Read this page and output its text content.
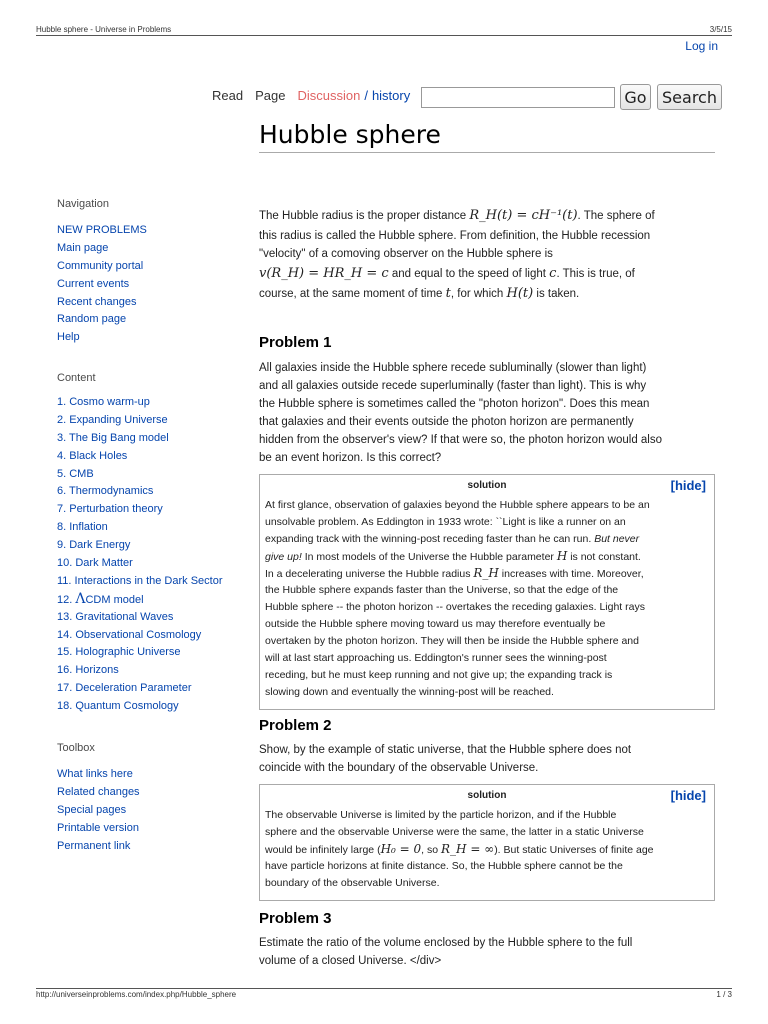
Hubble sphere - Universe in Problems	3/5/15
Log in
Read Page Discussion / history	Go Search
Hubble sphere
Navigation
NEW PROBLEMS
Main page
Community portal
Current events
Recent changes
Random page
Help
Content
1. Cosmo warm-up
2. Expanding Universe
3. The Big Bang model
4. Black Holes
5. CMB
6. Thermodynamics
7. Perturbation theory
8. Inflation
9. Dark Energy
10. Dark Matter
11. Interactions in the Dark Sector
12. ΛCDM model
13. Gravitational Waves
14. Observational Cosmology
15. Holographic Universe
16. Horizons
17. Deceleration Parameter
18. Quantum Cosmology
Toolbox
What links here
Related changes
Special pages
Printable version
Permanent link
The Hubble radius is the proper distance R_H(t) = cH⁻¹(t). The sphere of
this radius is called the Hubble sphere. From definition, the Hubble recession
"velocity" of a comoving observer on the Hubble sphere is
v(R_H) = HR_H = c and equal to the speed of light c. This is true, of
course, at the same moment of time t, for which H(t) is taken.
Problem 1
All galaxies inside the Hubble sphere recede subluminally (slower than light)
and all galaxies outside recede superluminally (faster than light). This is why
the Hubble sphere is sometimes called the "photon horizon". Does this mean
that galaxies and their events outside the photon horizon are permanently
hidden from the observer's view? If that were so, the photon horizon would also
be an event horizon. Is this correct?
solution	[hide]
At first glance, observation of galaxies beyond the Hubble sphere appears to be an
unsolvable problem. As Eddington in 1933 wrote: ``Light is like a runner on an
expanding track with the winning-post receding faster than he can run. But never
give up! In most models of the Universe the Hubble parameter H is not constant.
In a decelerating universe the Hubble radius R_H increases with time. Moreover,
the Hubble sphere expands faster than the Universe, so that the edge of the
Hubble sphere -- the photon horizon -- overtakes the receding galaxies. Light rays
outside the Hubble sphere moving toward us may therefore eventually be
overtaken by the photon horizon. They will then be inside the Hubble sphere and
will at last start approaching us. Eddington's runner sees the winning-post
receding, but he must keep running and not give up; the expanding track is
slowing down and eventually the winning-post will be reached.
Problem 2
Show, by the example of static universe, that the Hubble sphere does not
coincide with the boundary of the observable Universe.
solution	[hide]
The observable Universe is limited by the particle horizon, and if the Hubble
sphere and the observable Universe were the same, the latter in a static Universe
would be infinitely large (H₀ = 0, so R_H = ∞). But static Universes of finite age
have particle horizons at finite distance. So, the Hubble sphere cannot be the
boundary of the observable Universe.
Problem 3
Estimate the ratio of the volume enclosed by the Hubble sphere to the full
volume of a closed Universe. </div>
http://universeinproblems.com/index.php/Hubble_sphere	1 / 3
